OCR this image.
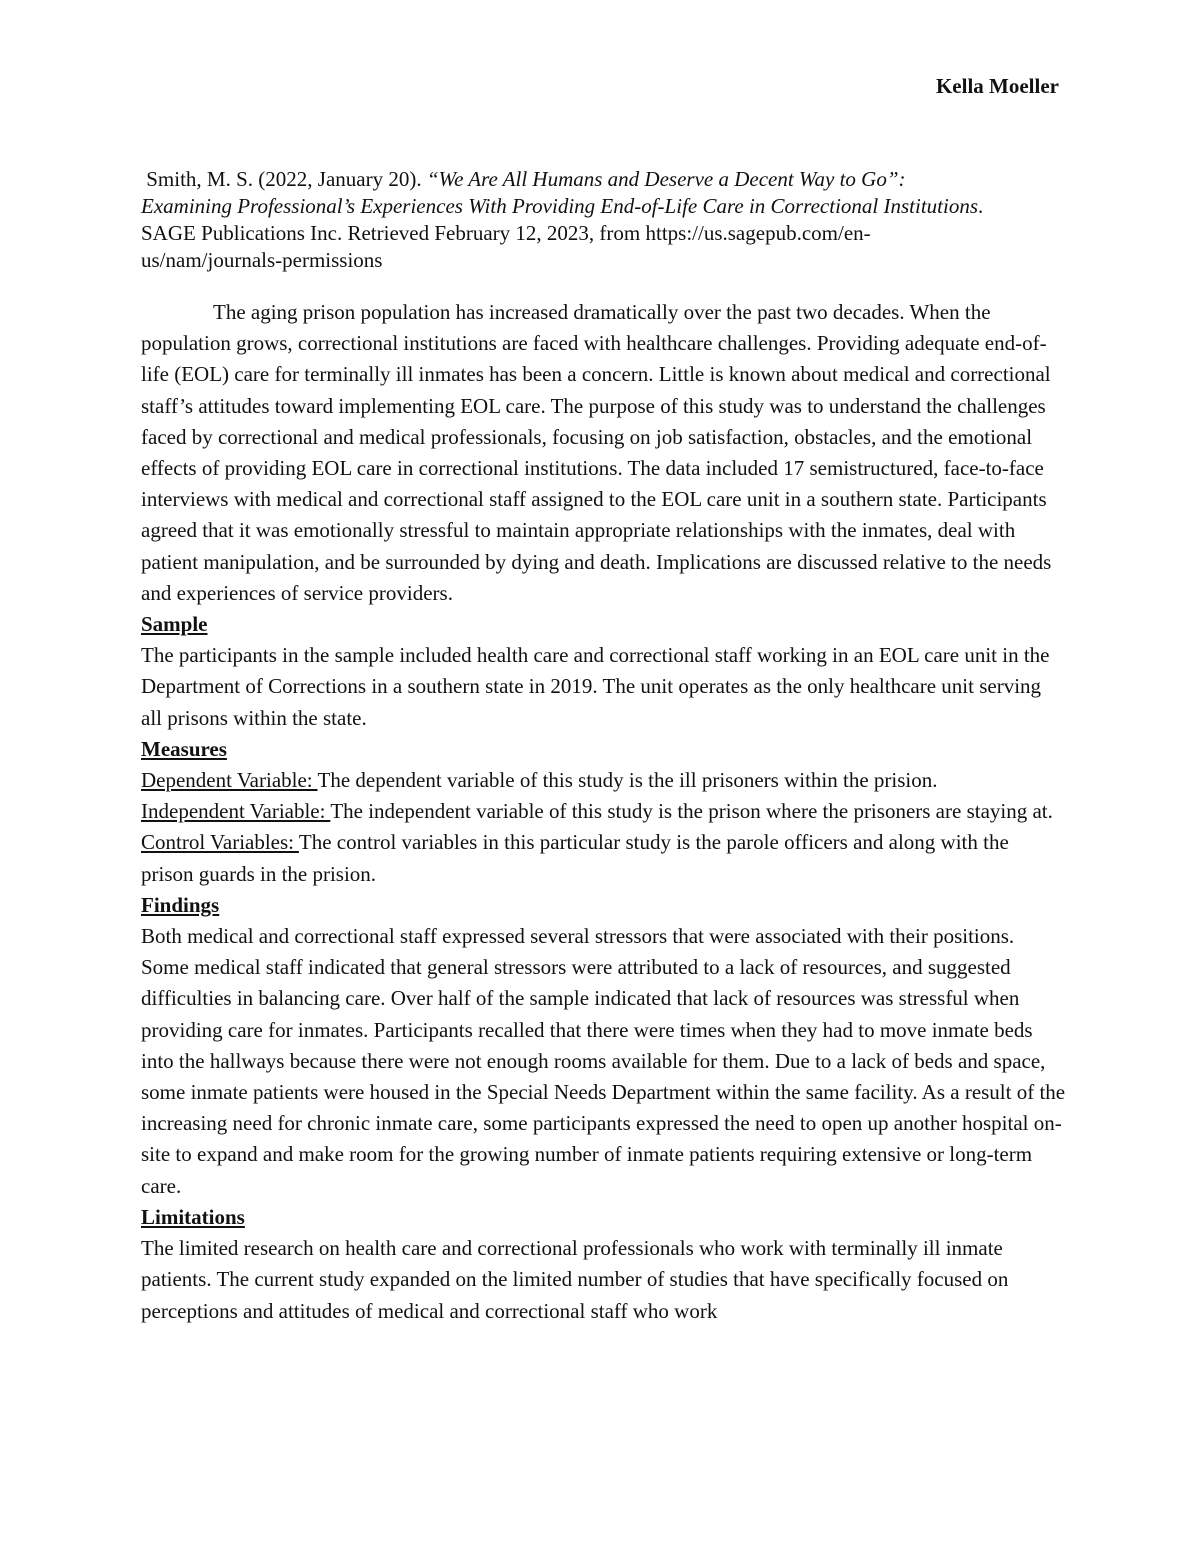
Kella Moeller

Smith, M. S. (2022, January 20). “We Are All Humans and Deserve a Decent Way to Go”: Examining Professional’s Experiences With Providing End-of-Life Care in Correctional Institutions. SAGE Publications Inc. Retrieved February 12, 2023, from https://us.sagepub.com/en-us/nam/journals-permissions

The aging prison population has increased dramatically over the past two decades. When the population grows, correctional institutions are faced with healthcare challenges. Providing adequate end-of-life (EOL) care for terminally ill inmates has been a concern. Little is known about medical and correctional staff’s attitudes toward implementing EOL care. The purpose of this study was to understand the challenges faced by correctional and medical professionals, focusing on job satisfaction, obstacles, and the emotional effects of providing EOL care in correctional institutions. The data included 17 semistructured, face-to-face interviews with medical and correctional staff assigned to the EOL care unit in a southern state. Participants agreed that it was emotionally stressful to maintain appropriate relationships with the inmates, deal with patient manipulation, and be surrounded by dying and death. Implications are discussed relative to the needs and experiences of service providers.

Sample

The participants in the sample included health care and correctional staff working in an EOL care unit in the Department of Corrections in a southern state in 2019. The unit operates as the only healthcare unit serving all prisons within the state.

Measures

Dependent Variable: The dependent variable of this study is the ill prisoners within the prision.

Independent Variable: The independent variable of this study is the prison where the prisoners are staying at.

Control Variables: The control variables in this particular study is the parole officers and along with the prison guards in the prision.

Findings

Both medical and correctional staff expressed several stressors that were associated with their positions. Some medical staff indicated that general stressors were attributed to a lack of resources, and suggested difficulties in balancing care. Over half of the sample indicated that lack of resources was stressful when providing care for inmates. Participants recalled that there were times when they had to move inmate beds into the hallways because there were not enough rooms available for them. Due to a lack of beds and space, some inmate patients were housed in the Special Needs Department within the same facility. As a result of the increasing need for chronic inmate care, some participants expressed the need to open up another hospital on-site to expand and make room for the growing number of inmate patients requiring extensive or long-term care.

Limitations

The limited research on health care and correctional professionals who work with terminally ill inmate patients. The current study expanded on the limited number of studies that have specifically focused on perceptions and attitudes of medical and correctional staff who work
